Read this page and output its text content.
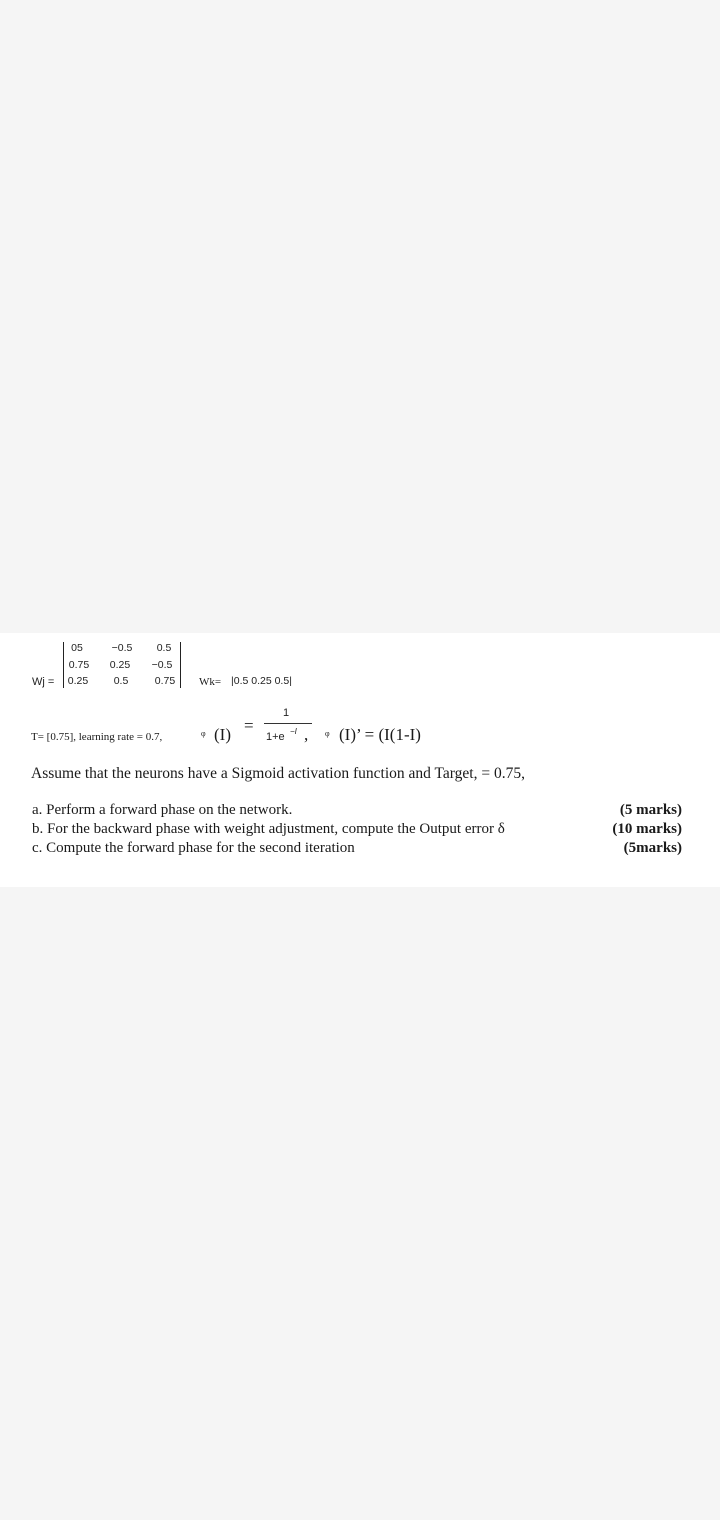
Wj =
05	−0.5	0.5
0.75	0.25	−0.5
0.25	0.5	0.75	Wk= |0.5 0.25 0.5|
T= [0.75], learning rate = 0.7,	φ (I) =
1
1+e −I , φ (I)’ = (I(1-I)
Assume that the neurons have a Sigmoid activation function and Target, = 0.75,
a. Perform a forward phase on the network.	(5 marks)
b. For the backward phase with weight adjustment, compute the Output error δ	(10 marks)
c. Compute the forward phase for the second iteration	(5marks)
